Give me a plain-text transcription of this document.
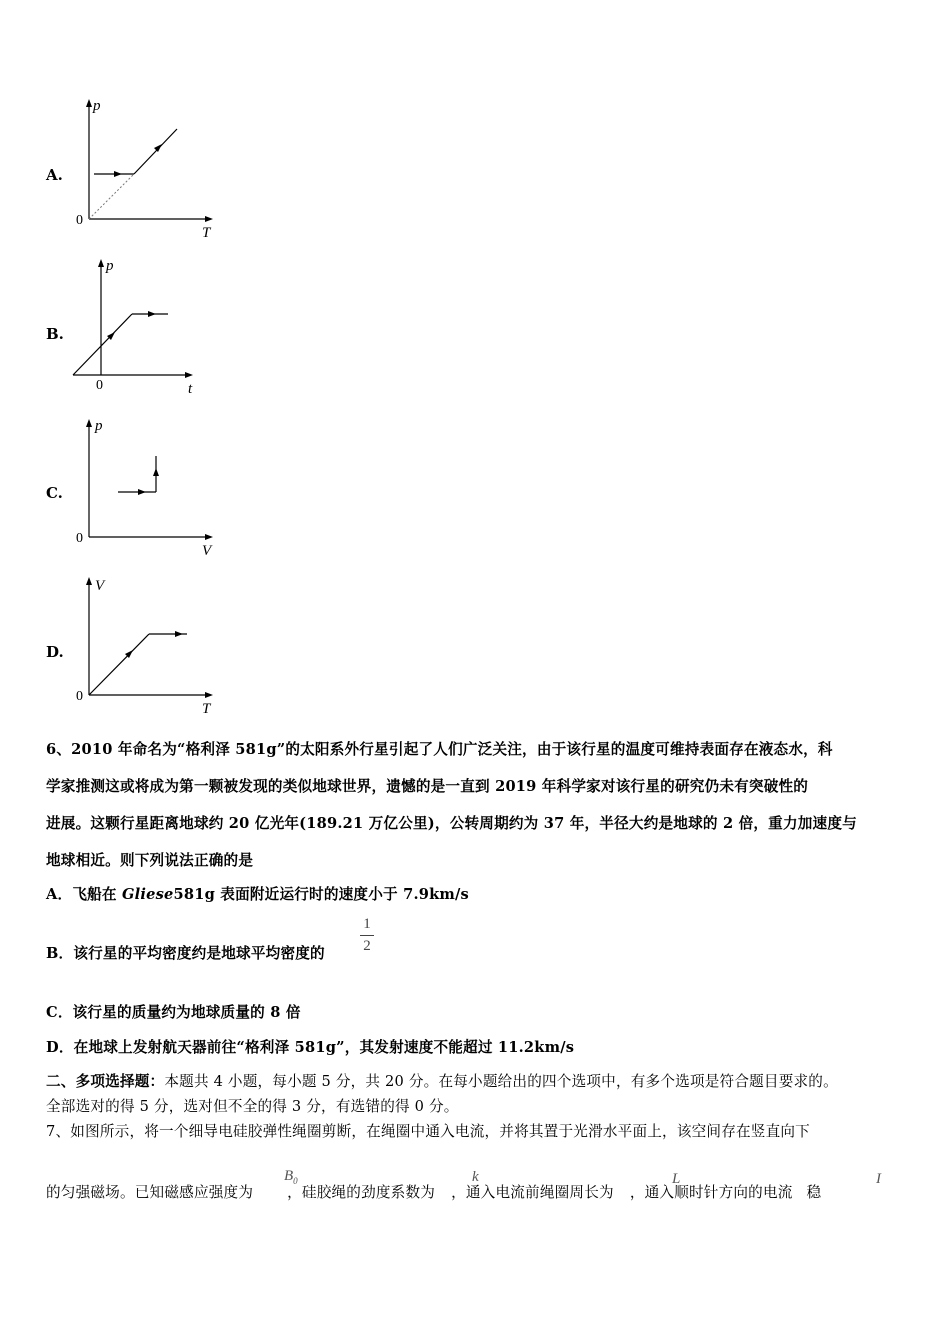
A.
p
T
0
B.
p
t
0
C.
p
V
0
D.
V
T
0
6、2010 年命名为“格利泽 581g”的太阳系外行星引起了人们广泛关注，由于该行星的温度可维持表面存在液态水，科
学家推测这或将成为第一颗被发现的类似地球世界，遗憾的是一直到 2019 年科学家对该行星的研究仍未有突破性的
进展。这颗行星距离地球约 20 亿光年(189.21 万亿公里)，公转周期约为 37 年，半径大约是地球的 2 倍，重力加速度与
地球相近。则下列说法正确的是
A．飞船在 Gliese581g 表面附近运行时的速度小于 7.9km/s
B．该行星的平均密度约是地球平均密度的
1
2
C．该行星的质量约为地球质量的 8 倍
D．在地球上发射航天器前往“格利泽 581g”，其发射速度不能超过 11.2km/s
二、多项选择题：本题共 4 小题，每小题 5 分，共 20 分。在每小题给出的四个选项中，有多个选项是符合题目要求的。
全部选对的得 5 分，选对但不全的得 3 分，有选错的得 0 分。
7、如图所示，将一个细导电硅胶弹性绳圈剪断，在绳圈中通入电流，并将其置于光滑水平面上，该空间存在竖直向下
的匀强磁场。已知磁感应强度为 ，硅胶绳的劲度系数为 ，通入电流前绳圈周长为 ，通入顺时针方向的电流 稳
$B_0$	k	L	I
